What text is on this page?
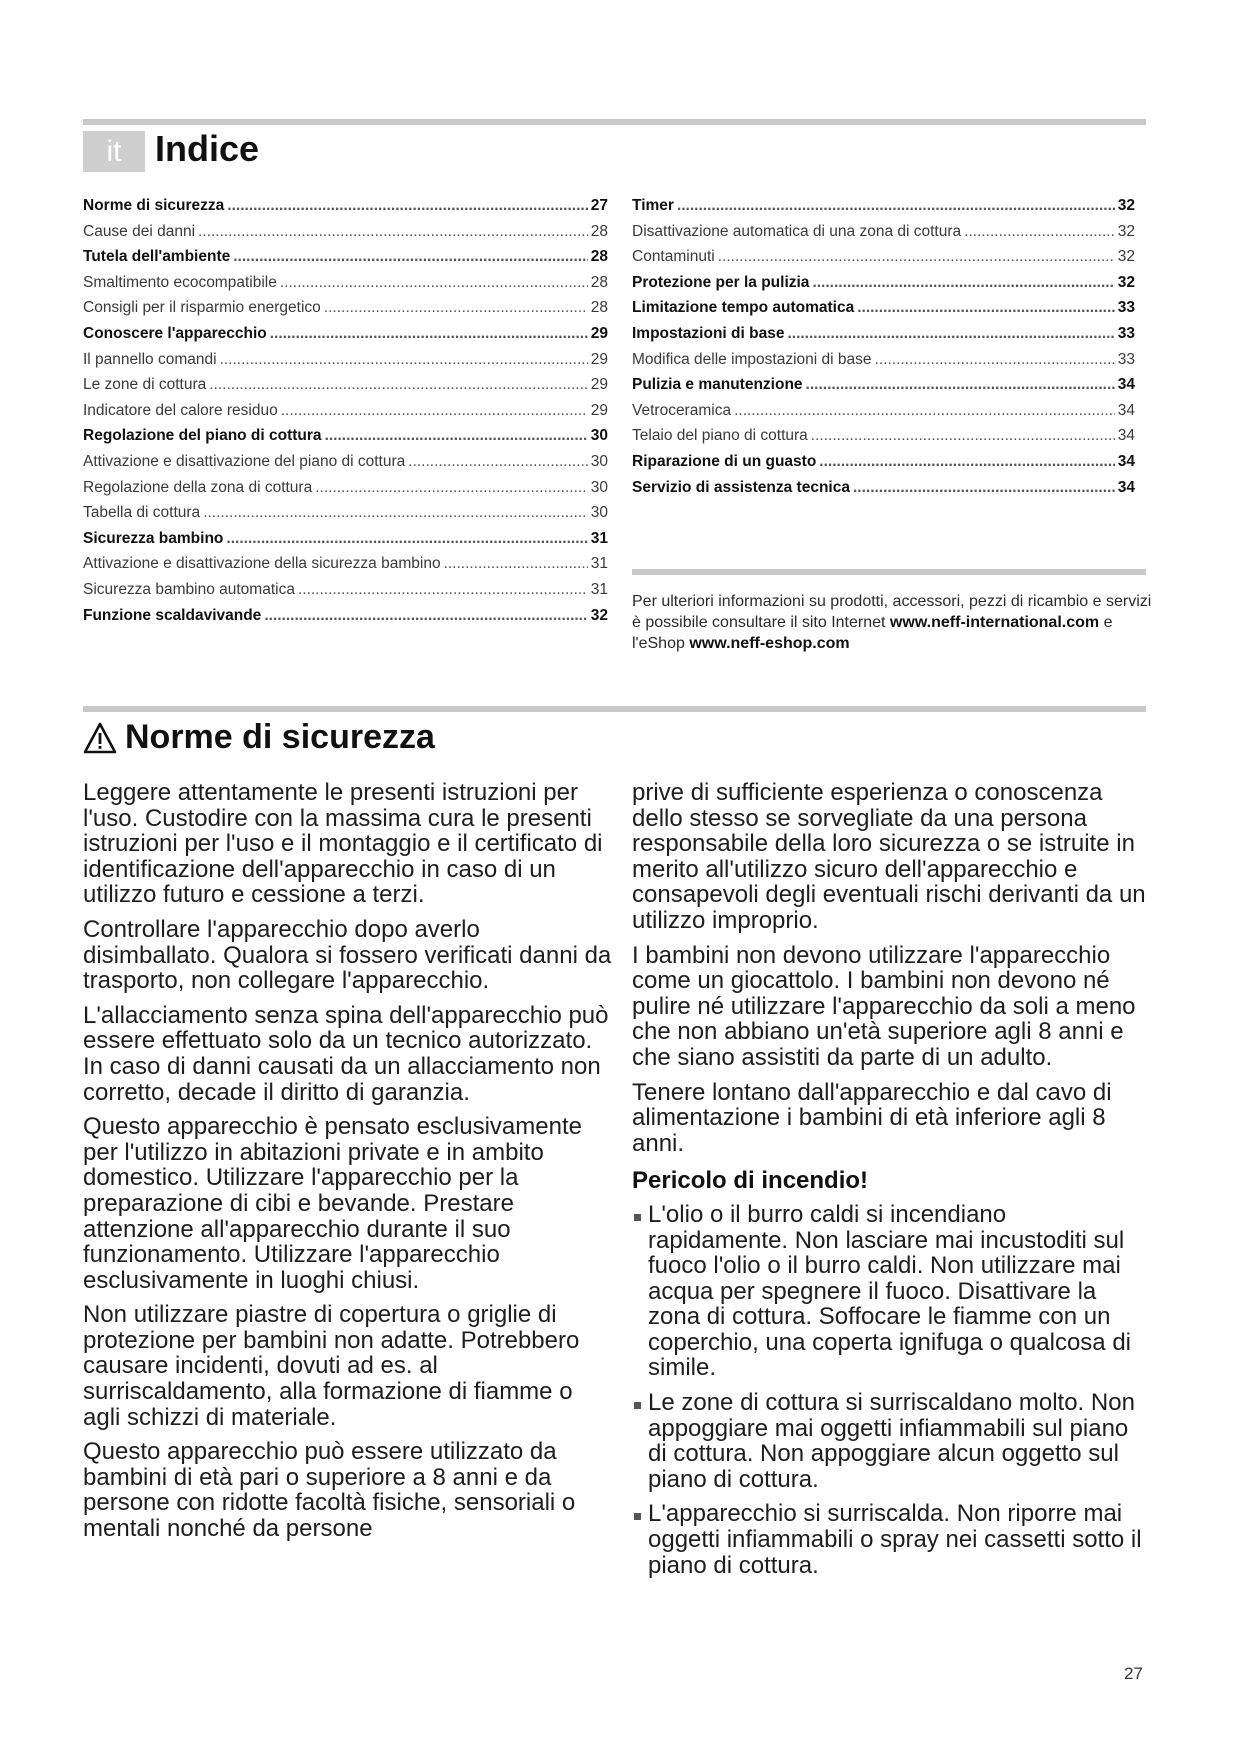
it Indice
Norme di sicurezza .....	27
Cause dei danni .....	28
Tutela dell'ambiente .....	28
Smaltimento ecocompatibile .....	28
Consigli per il risparmio energetico .....	28
Conoscere l'apparecchio .....	29
Il pannello comandi .....	29
Le zone di cottura .....	29
Indicatore del calore residuo .....	29
Regolazione del piano di cottura .....	30
Attivazione e disattivazione del piano di cottura .....	30
Regolazione della zona di cottura .....	30
Tabella di cottura .....	30
Sicurezza bambino .....	31
Attivazione e disattivazione della sicurezza bambino .....	31
Sicurezza bambino automatica .....	31
Funzione scaldavivande .....	32
Timer .....	32
Disattivazione automatica di una zona di cottura .....	32
Contaminuti .....	32
Protezione per la pulizia .....	32
Limitazione tempo automatica .....	33
Impostazioni di base .....	33
Modifica delle impostazioni di base .....	33
Pulizia e manutenzione .....	34
Vetroceramica .....	34
Telaio del piano di cottura .....	34
Riparazione di un guasto .....	34
Servizio di assistenza tecnica .....	34
Per ulteriori informazioni su prodotti, accessori, pezzi di ricambio e servizi è possibile consultare il sito Internet www.neff-international.com e l'eShop www.neff-eshop.com
Norme di sicurezza

Leggere attentamente le presenti istruzioni per l'uso. Custodire con la massima cura le presenti istruzioni per l'uso e il montaggio e il certificato di identificazione dell'apparecchio in caso di un utilizzo futuro e cessione a terzi.

Controllare l'apparecchio dopo averlo disimballato. Qualora si fossero verificati danni da trasporto, non collegare l'apparecchio.

L'allacciamento senza spina dell'apparecchio può essere effettuato solo da un tecnico autorizzato. In caso di danni causati da un allacciamento non corretto, decade il diritto di garanzia.

Questo apparecchio è pensato esclusivamente per l'utilizzo in abitazioni private e in ambito domestico. Utilizzare l'apparecchio per la preparazione di cibi e bevande. Prestare attenzione all'apparecchio durante il suo funzionamento. Utilizzare l'apparecchio esclusivamente in luoghi chiusi.

Non utilizzare piastre di copertura o griglie di protezione per bambini non adatte. Potrebbero causare incidenti, dovuti ad es. al surriscaldamento, alla formazione di fiamme o agli schizzi di materiale.

Questo apparecchio può essere utilizzato da bambini di età pari o superiore a 8 anni e da persone con ridotte facoltà fisiche, sensoriali o mentali nonché da persone

prive di sufficiente esperienza o conoscenza dello stesso se sorvegliate da una persona responsabile della loro sicurezza o se istruite in merito all'utilizzo sicuro dell'apparecchio e consapevoli degli eventuali rischi derivanti da un utilizzo improprio.

I bambini non devono utilizzare l'apparecchio come un giocattolo. I bambini non devono né pulire né utilizzare l'apparecchio da soli a meno che non abbiano un'età superiore agli 8 anni e che siano assistiti da parte di un adulto.

Tenere lontano dall'apparecchio e dal cavo di alimentazione i bambini di età inferiore agli 8 anni.

Pericolo di incendio!
L'olio o il burro caldi si incendiano rapidamente. Non lasciare mai incustoditi sul fuoco l'olio o il burro caldi. Non utilizzare mai acqua per spegnere il fuoco. Disattivare la zona di cottura. Soffocare le fiamme con un coperchio, una coperta ignifuga o qualcosa di simile.
Le zone di cottura si surriscaldano molto. Non appoggiare mai oggetti infiammabili sul piano di cottura. Non appoggiare alcun oggetto sul piano di cottura.
L'apparecchio si surriscalda. Non riporre mai oggetti infiammabili o spray nei cassetti sotto il piano di cottura.
27
